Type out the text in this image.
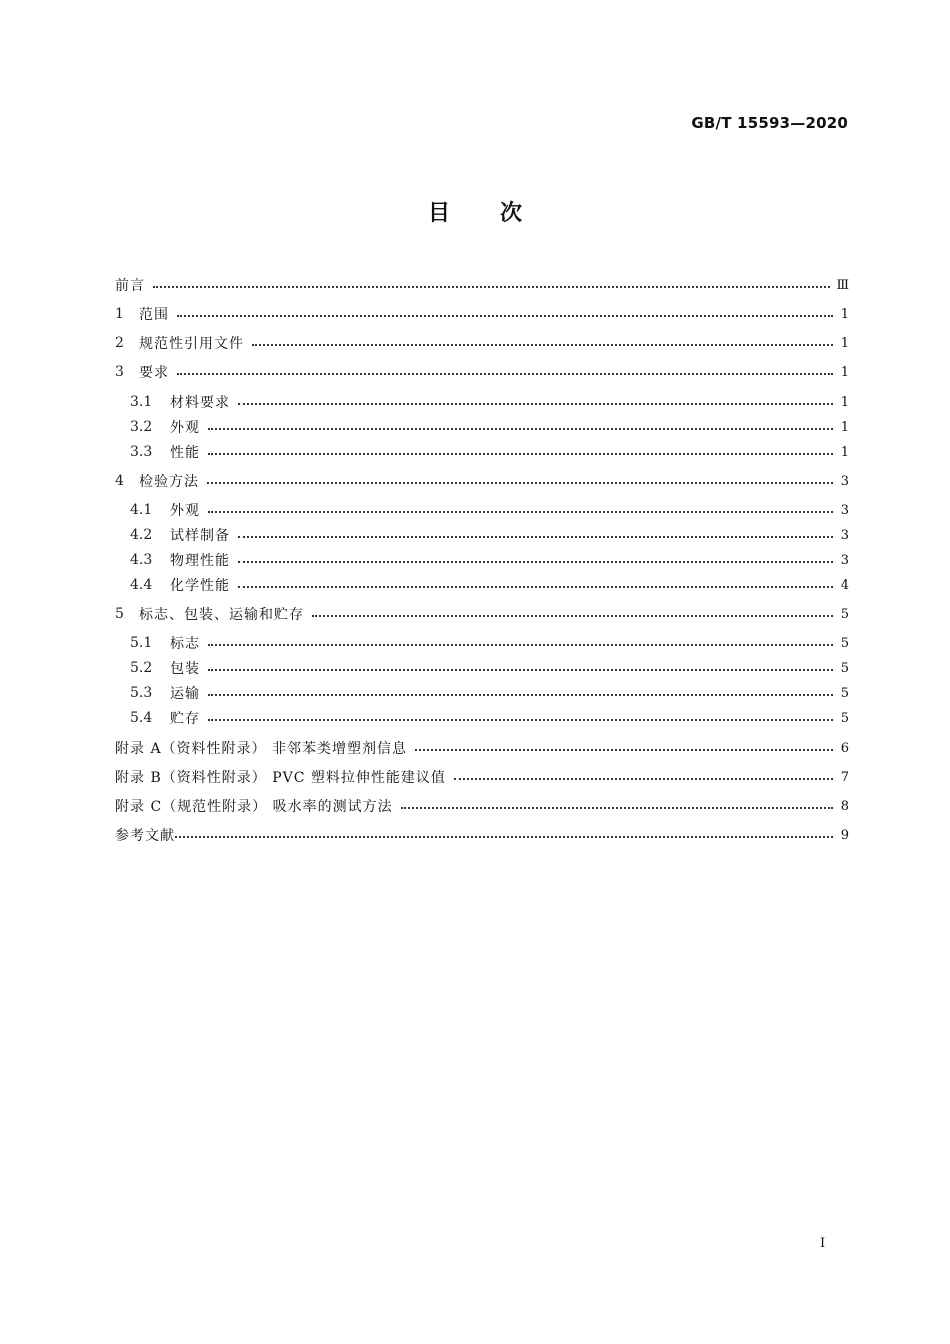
GB/T 15593—2020
目 次
前言	Ⅲ
1	范围	1
2	规范性引用文件	1
3	要求	1
3.1	材料要求	1
3.2	外观	1
3.3	性能	1
4	检验方法	3
4.1	外观	3
4.2	试样制备	3
4.3	物理性能	3
4.4	化学性能	4
5	标志、包装、运输和贮存	5
5.1	标志	5
5.2	包装	5
5.3	运输	5
5.4	贮存	5
附录 A（资料性附录） 非邻苯类增塑剂信息	6
附录 B（资料性附录） PVC 塑料拉伸性能建议值	7
附录 C（规范性附录） 吸水率的测试方法	8
参考文献	9
I
